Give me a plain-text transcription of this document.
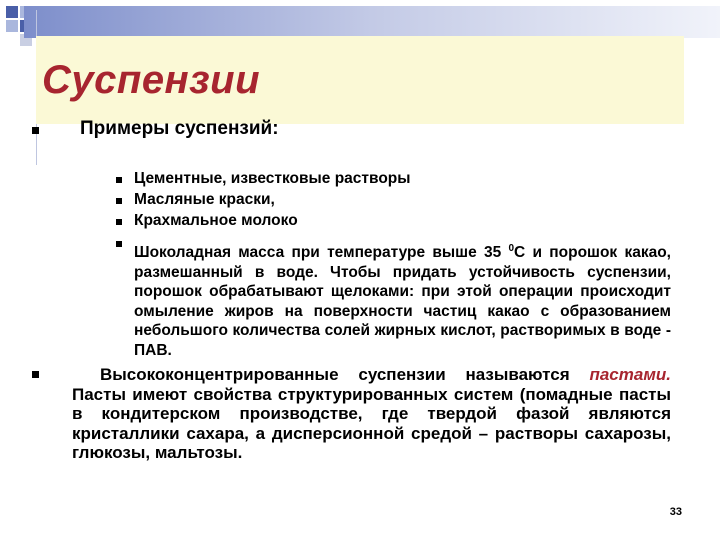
Суспензии
Примеры суспензий:
Цементные, известковые растворы
Масляные краски,
Крахмальное молоко
Шоколадная масса при температуре выше 35 $^0$С и порошок какао, размешанный в воде. Чтобы придать устойчивость суспензии, порошок обрабатывают щелоками: при этой операции происходит омыление жиров на поверхности частиц какао с образованием небольшого количества солей жирных кислот, растворимых в воде - ПАВ.
Высококонцентрированные суспензии называются пастами. Пасты имеют свойства структурированных систем (помадные пасты в кондитерском производстве, где твердой фазой являются кристаллики сахара, а дисперсионной средой – растворы сахарозы, глюкозы, мальтозы.
33
